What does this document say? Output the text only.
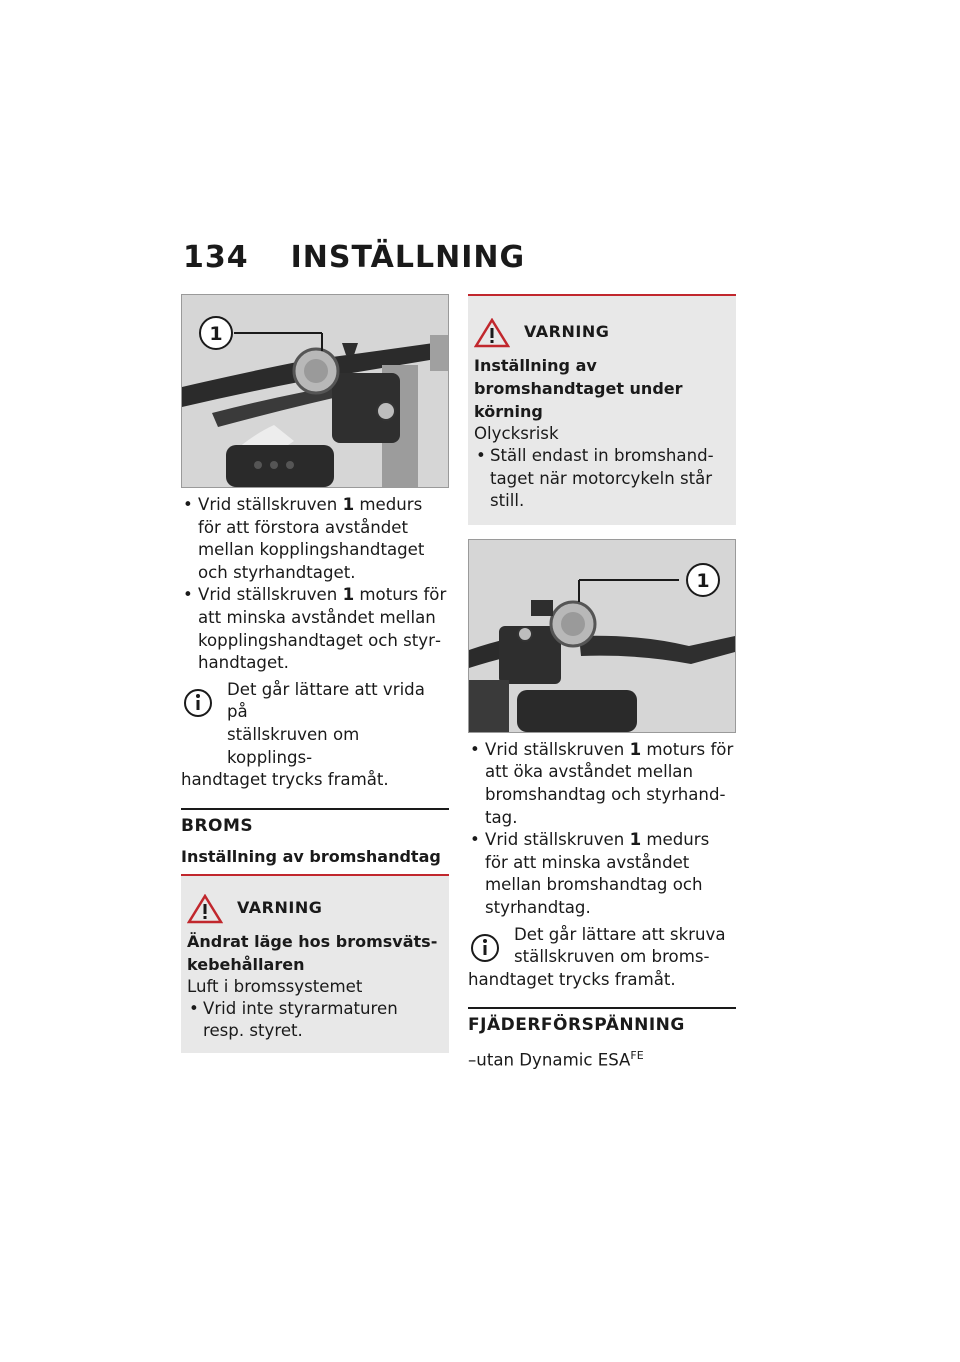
134 INSTÄLLNING
1
• Vrid ställskruven 1 medurs för att förstora avståndet mellan kopplingshandtaget och styrhandtaget.
• Vrid ställskruven 1 moturs för att minska avståndet mellan kopplingshandtaget och styrhandtaget.
Det går lättare att vrida på
ställskruven om kopplings-
handtaget trycks framåt.
BROMS
Inställning av bromshandtag
VARNING
Ändrat läge hos bromsvätskebehållaren
Luft i bromssystemet
• Vrid inte styrarmaturen resp. styret.
VARNING
Inställning av bromshandtaget under körning
Olycksrisk
• Ställ endast in bromshandtaget när motorcykeln står still.
1
• Vrid ställskruven 1 moturs för att öka avståndet mellan bromshandtag och styrhandtag.
• Vrid ställskruven 1 medurs för att minska avståndet mellan bromshandtag och styrhandtag.
Det går lättare att skruva
ställskruven om broms-
handtaget trycks framåt.
FJÄDERFÖRSPÄNNING
–utan Dynamic $ESA^{FE}$
